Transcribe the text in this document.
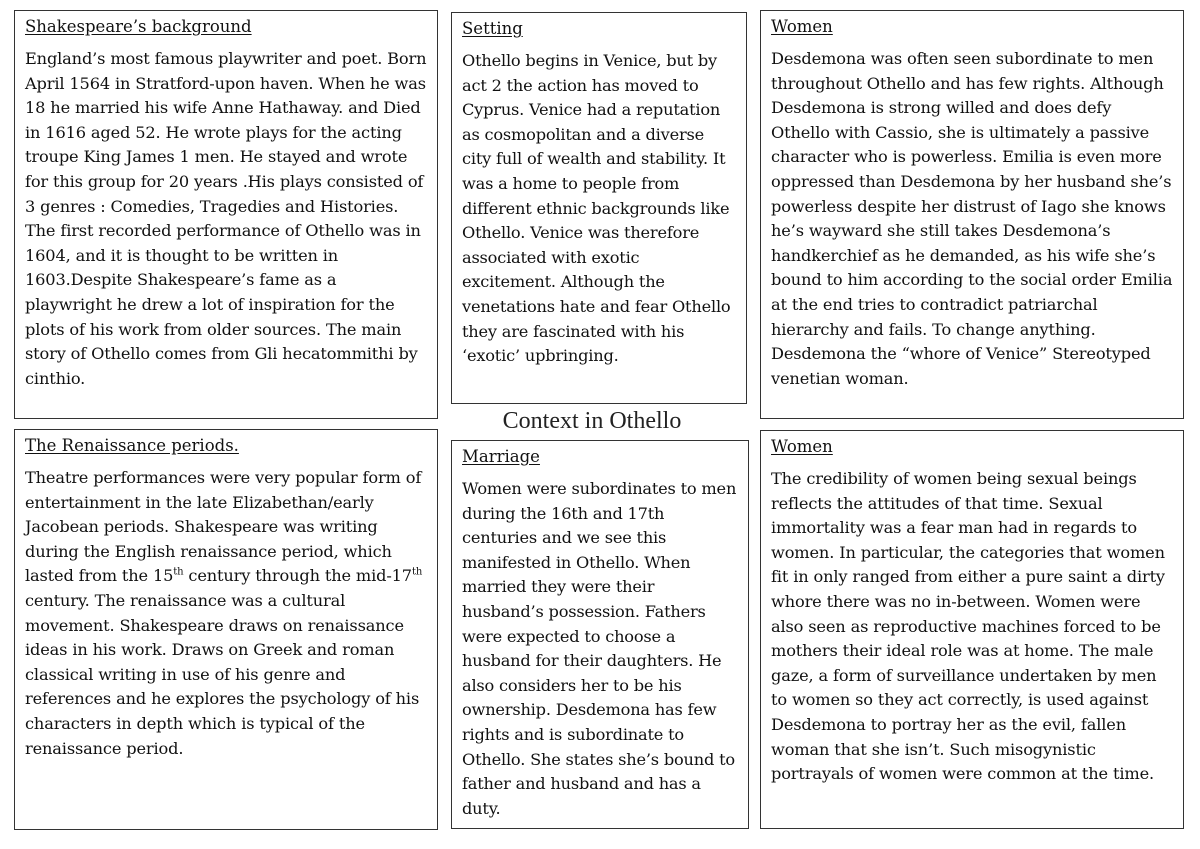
Shakespeare’s background

England’s most famous playwriter and poet. Born April 1564 in Stratford-upon haven. When he was 18 he married his wife Anne Hathaway. and Died in 1616 aged 52. He wrote plays for the acting troupe King James 1 men. He stayed and wrote for this group for 20 years .His plays consisted of 3 genres : Comedies, Tragedies and Histories. The first recorded performance of Othello was in 1604, and it is thought to be written in 1603.Despite Shakespeare’s fame as a playwright he drew a lot of inspiration for the plots of his work from older sources. The main story of Othello comes from Gli hecatommithi by cinthio.

Setting

Othello begins in Venice, but by act 2 the action has moved to Cyprus. Venice had a reputation as cosmopolitan and a diverse city full of wealth and stability. It was a home to people from different ethnic backgrounds like Othello. Venice was therefore associated with exotic excitement. Although the venetations hate and fear Othello they are fascinated with his ‘exotic’ upbringing.

Women

Desdemona was often seen subordinate to men throughout Othello and has few rights. Although Desdemona is strong willed and does defy Othello with Cassio, she is ultimately a passive character who is powerless. Emilia is even more oppressed than Desdemona by her husband she’s powerless despite her distrust of Iago she knows he’s wayward she still takes Desdemona’s handkerchief as he demanded, as his wife she’s bound to him according to the social order Emilia at the end tries to contradict patriarchal hierarchy and fails. To change anything. Desdemona the “whore of Venice” Stereotyped venetian woman.

Context in Othello
The Renaissance periods.

Theatre performances were very popular form of entertainment in the late Elizabethan/early Jacobean periods. Shakespeare was writing during the English renaissance period, which lasted from the 15th century through the mid-17th century. The renaissance was a cultural movement. Shakespeare draws on renaissance ideas in his work. Draws on Greek and roman classical writing in use of his genre and references and he explores the psychology of his characters in depth which is typical of the renaissance period.

Marriage

Women were subordinates to men during the 16th and 17th centuries and we see this manifested in Othello. When married they were their husband’s possession. Fathers were expected to choose a husband for their daughters. He also considers her to be his ownership. Desdemona has few rights and is subordinate to Othello. She states she’s bound to father and husband and has a duty.

Women

The credibility of women being sexual beings reflects the attitudes of that time. Sexual immortality was a fear man had in regards to women. In particular, the categories that women fit in only ranged from either a pure saint a dirty whore there was no in-between. Women were also seen as reproductive machines forced to be mothers their ideal role was at home. The male gaze, a form of surveillance undertaken by men to women so they act correctly, is used against Desdemona to portray her as the evil, fallen woman that she isn’t. Such misogynistic portrayals of women were common at the time.
